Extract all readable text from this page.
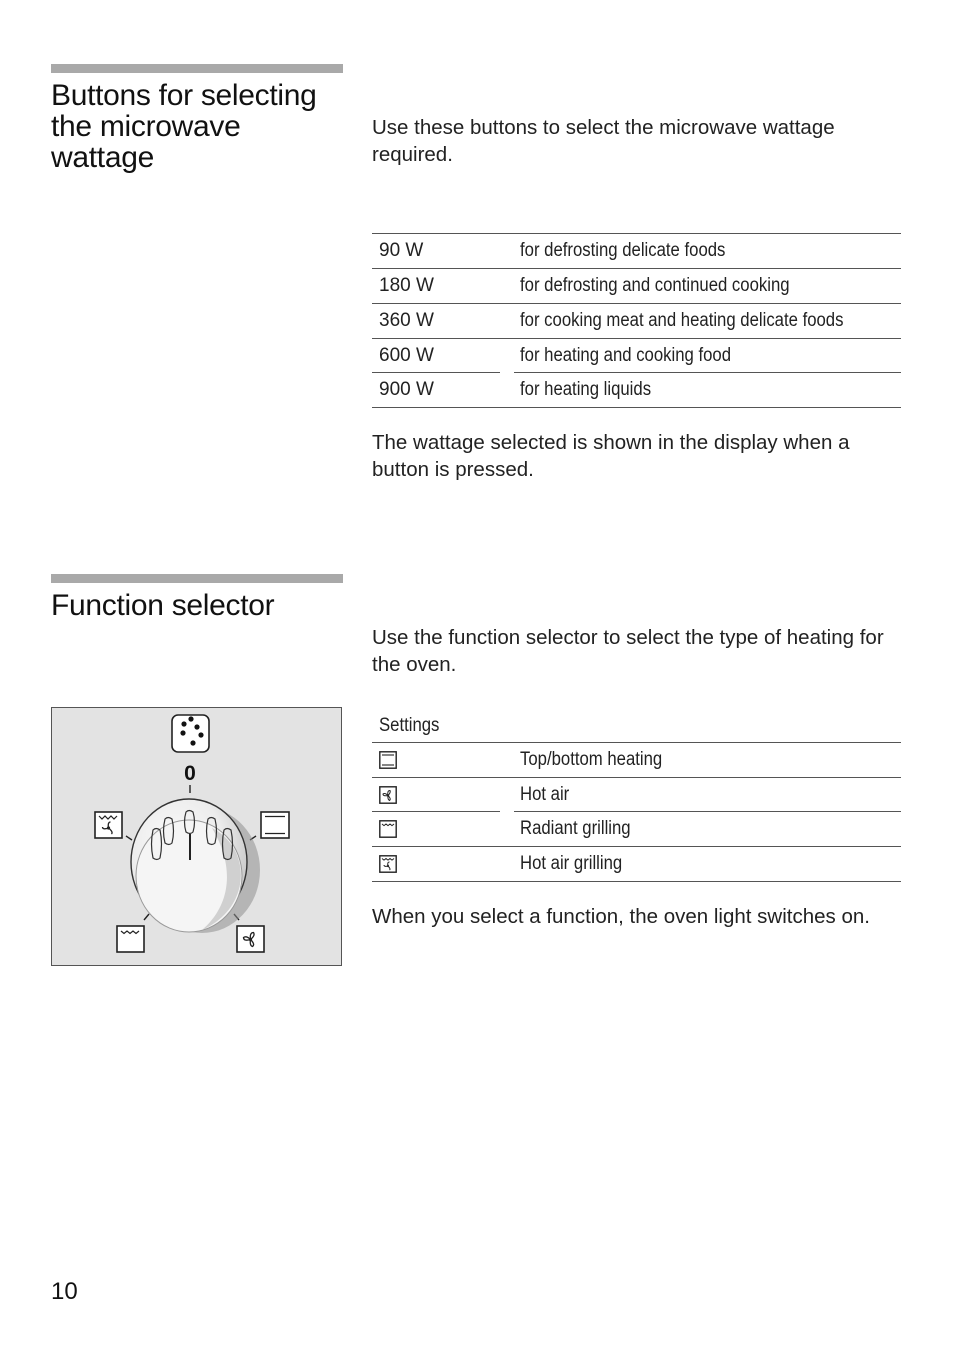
Buttons for selecting the microwave wattage

Use these buttons to select the microwave wattage required.

90 W	for defrosting delicate foods
180 W	for defrosting and continued cooking
360 W	for cooking meat and heating delicate foods
600 W	for heating and cooking food
900 W	for heating liquids

The wattage selected is shown in the display when a button is pressed.

Function selector

Use the function selector to select the type of heating for the oven.

0
Settings
Top/bottom heating
Hot air
Radiant grilling
Hot air grilling

When you select a function, the oven light switches on.

10
